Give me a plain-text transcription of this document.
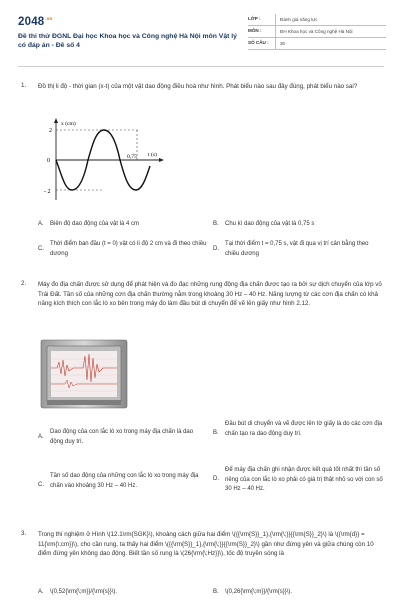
$2048^{.vn}$
Đề thi thử ĐGNL Đại học Khoa học và Công nghệ Hà Nội môn Vật lý có đáp án - Đề số 4
LỚP :	Đánh giá năng lực
MÔN :	ĐH Khoa học và Công nghệ Hà Nội
SỐ CÂU :	30
1. Đồ thị li độ - thời gian (x-t) của một vật dao động điều hoà như hình. Phát biểu nào sau đây đúng, phát biểu nào sai?
x (cm)
t (s)
2
0
- 2
0,75
A.	Biên độ dao động của vật là 4 cm	B.	Chu kì dao động của vật là 0,75 s
C.
Thời điểm ban đầu (t = 0) vật có li độ 2 cm và đi theo chiều dương
D.
Tại thời điểm t = 0,75 s, vật đi qua vị trí cân bằng theo chiều dương
2. Máy đo địa chấn được sử dụng để phát hiện và đo đạc những rung động địa chấn được tạo ra bởi sự dịch chuyển của lớp vỏ Trái Đất. Tần số của những cơn địa chấn thường nằm trong khoảng 30 Hz – 40 Hz. Năng lượng từ các cơn địa chấn có khả năng kích thích con lắc lò xo bên trong máy đo làm đầu bút di chuyển để vẽ lên giấy như hình 2.12.
A.
Dao động của con lắc lò xo trong máy địa chấn là dao động duy trì.
B.
Đầu bút di chuyển và vẽ được lên tờ giấy là do các cơn địa chấn tạo ra dao động duy trì.
C.
Tần số dao động của những con lắc lò xo trong máy địa chấn vào khoảng 30 Hz – 40 Hz.
D.
Để máy địa chấn ghi nhận được kết quả tốt nhất thì tần số riêng của con lắc lò xo phải có giá trị thật nhỏ so với con số 30 Hz – 40 Hz.
3. Trong thí nghiệm ở Hình \(12.1\rm{SGK}\), khoảng cách giữa hai điểm \({{\rm{S}}_1},{\rm{\;}}{{\rm{S}}_2}\) là \((\rm{d}} = 11{\rm{\;cm}}\), cho cần rung, ta thấy hai điểm \({{\rm{S}}_1},{\rm{\;}}{{\rm{S}}_2}\) gần như đứng yên và giữa chúng còn 10 điểm đứng yên không dao động. Biết tần số rung là \(26{\rm{\;Hz}}\), tốc độ truyền sóng là
A.	\(0,52{\rm{\;m}}/{\rm{s}}\).	B.	\(0,26{\rm{\;m}}/{\rm{s}}\).
